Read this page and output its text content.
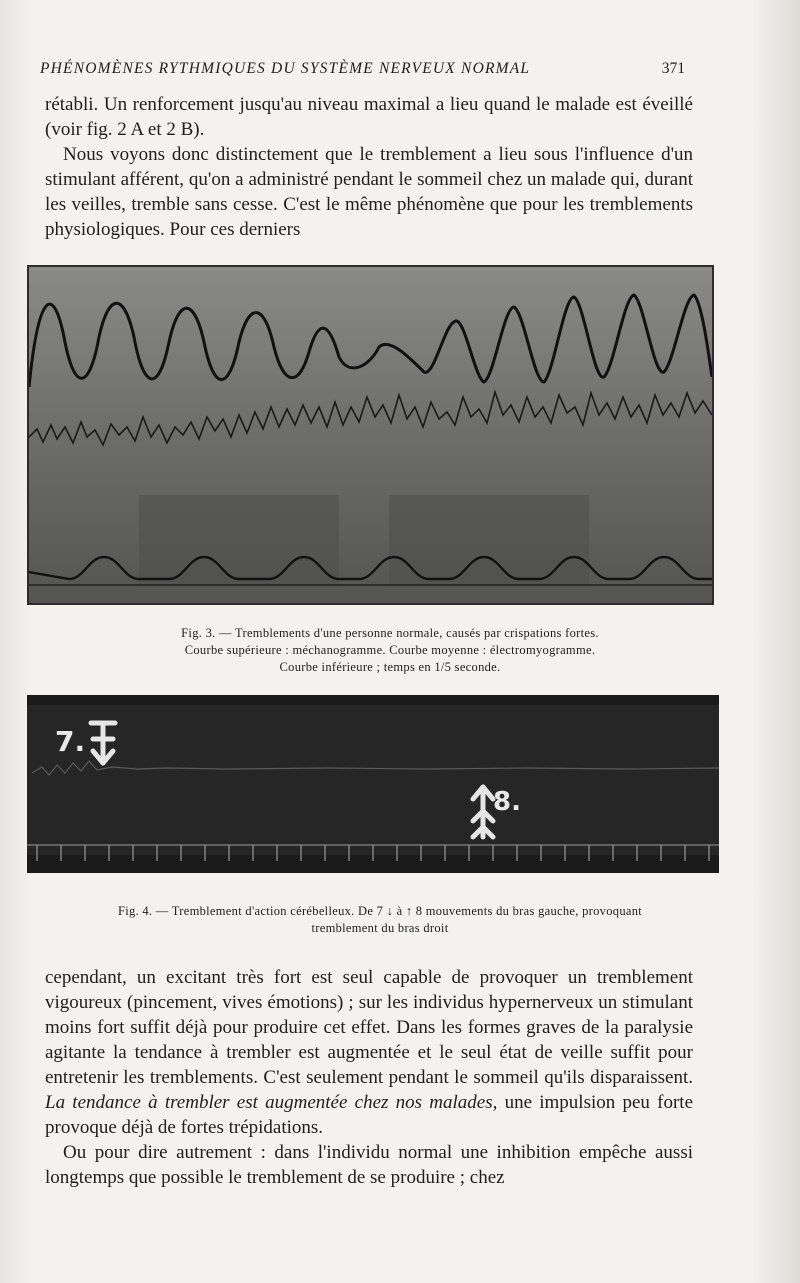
PHÉNOMÈNES RYTHMIQUES DU SYSTÈME NERVEUX NORMAL	371

rétabli. Un renforcement jusqu'au niveau maximal a lieu quand le malade est éveillé (voir fig. 2 A et 2 B).

Nous voyons donc distinctement que le tremblement a lieu sous l'influence d'un stimulant afférent, qu'on a administré pendant le sommeil chez un malade qui, durant les veilles, tremble sans cesse. C'est le même phénomène que pour les tremblements physiologiques. Pour ces derniers

Fig. 3. — Tremblements d'une personne normale, causés par crispations fortes.
Courbe supérieure : méchanogramme. Courbe moyenne : électromyogramme.
Courbe inférieure ; temps en 1/5 seconde.
7.
8.
Fig. 4. — Tremblement d'action cérébelleux. De 7 ↓ à ↑ 8 mouvements du bras gauche, provoquant
tremblement du bras droit

cependant, un excitant très fort est seul capable de provoquer un tremblement vigoureux (pincement, vives émotions) ; sur les individus hypernerveux un stimulant moins fort suffit déjà pour produire cet effet. Dans les formes graves de la paralysie agitante la tendance à trembler est augmentée et le seul état de veille suffit pour entretenir les tremblements. C'est seulement pendant le sommeil qu'ils disparaissent. La tendance à trembler est augmentée chez nos malades, une impulsion peu forte provoque déjà de fortes trépidations.

Ou pour dire autrement : dans l'individu normal une inhibition empêche aussi longtemps que possible le tremblement de se produire ; chez
